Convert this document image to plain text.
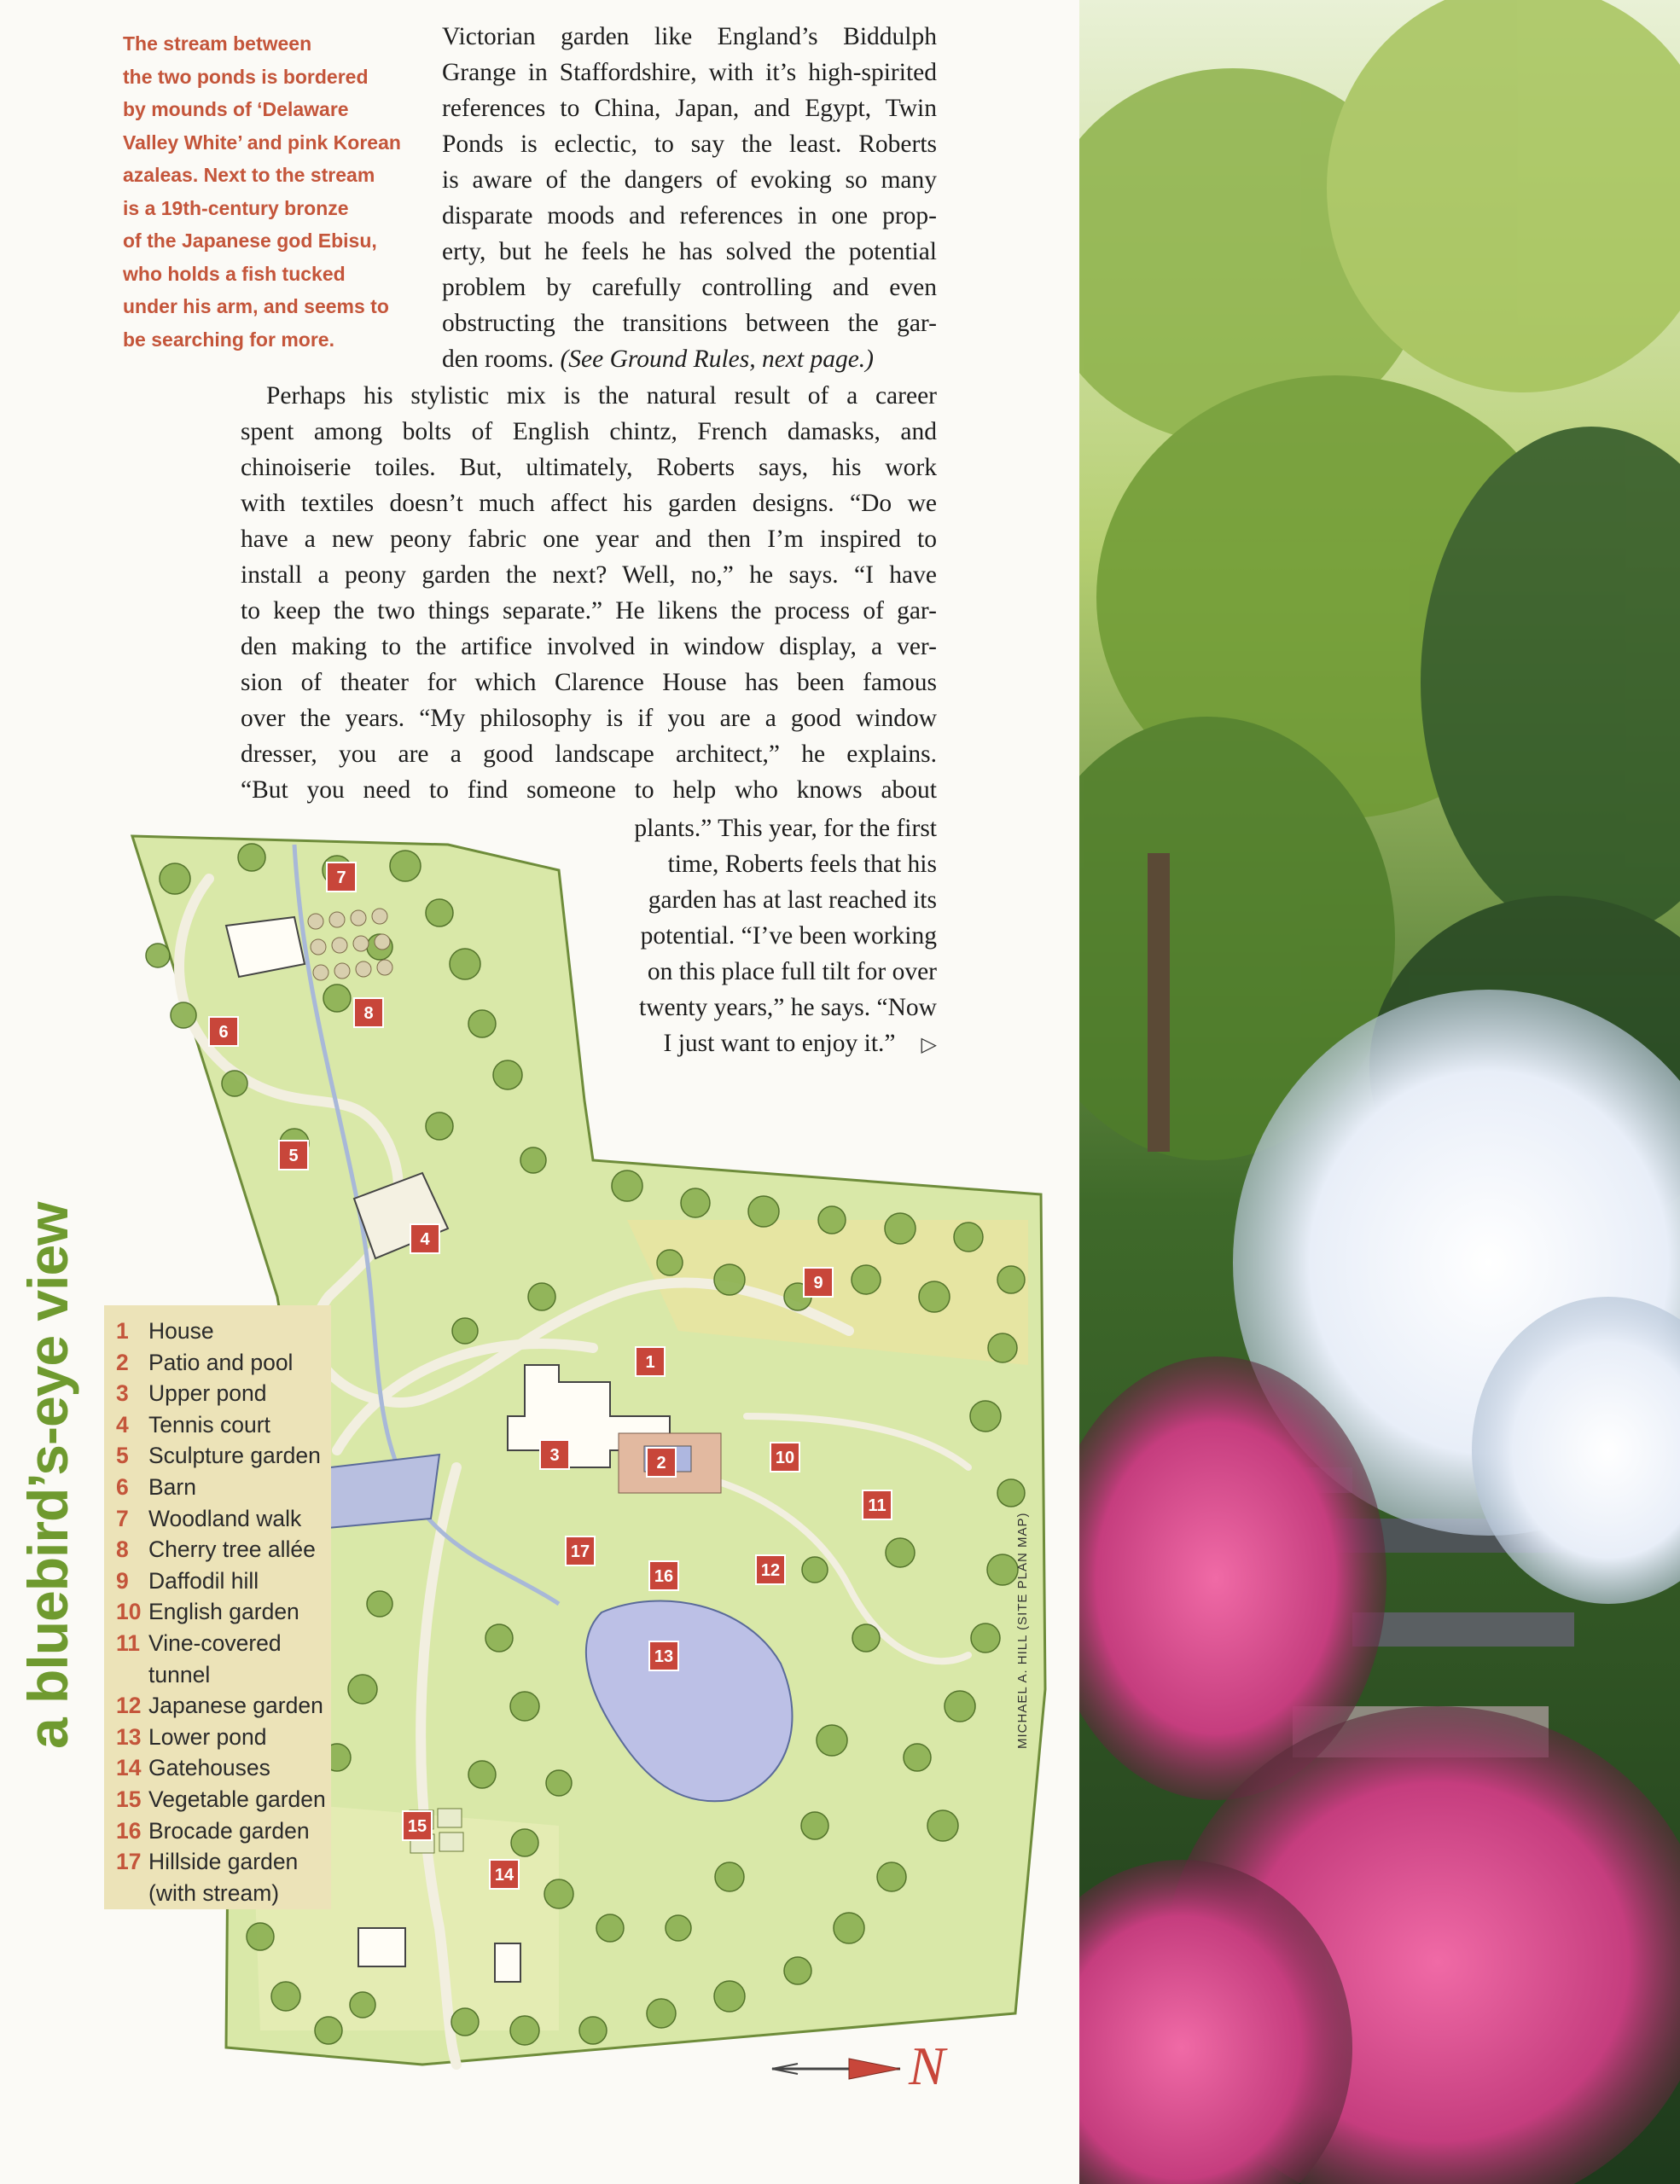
The stream between
the two ponds is bordered
by mounds of ‘Delaware
Valley White’ and pink Korean
azaleas. Next to the stream
is a 19th-century bronze
of the Japanese god Ebisu,
who holds a fish tucked
under his arm, and seems to
be searching for more.
Victorian garden like England’s Biddulph
Grange in Staffordshire, with it’s high-spirited
references to China, Japan, and Egypt, Twin
Ponds is eclectic, to say the least. Roberts
is aware of the dangers of evoking so many
disparate moods and references in one prop-
erty, but he feels he has solved the potential
problem by carefully controlling and even
obstructing the transitions between the gar-
den rooms. (See Ground Rules, next page.)
Perhaps his stylistic mix is the natural result of a career
spent among bolts of English chintz, French damasks, and
chinoiserie toiles. But, ultimately, Roberts says, his work
with textiles doesn’t much affect his garden designs. “Do we
have a new peony fabric one year and then I’m inspired to
install a peony garden the next? Well, no,” he says. “I have
to keep the two things separate.” He likens the process of gar-
den making to the artifice involved in window display, a ver-
sion of theater for which Clarence House has been famous
over the years. “My philosophy is if you are a good window
dresser, you are a good landscape architect,” he explains.
“But you need to find someone to help who knows about
plants.” This year, for the first
time, Roberts feels that his
garden has at last reached its
potential. “I’ve been working
on this place full tilt for over
twenty years,” he says. “Now
I just want to enjoy it.” ▷
7
8
6
5
4
9
1
3	2	10
11
17
16	12
13
15
14
N
a bluebird’s-eye view	1 House
2 Patio and pool
3 Upper pond
4 Tennis court
5 Sculpture garden
6 Barn
7 Woodland walk
8 Cherry tree allée
9 Daffodil hill
10 English garden
11 Vine-covered
tunnel
12 Japanese garden
13 Lower pond
14 Gatehouses
15 Vegetable garden
16 Brocade garden
17 Hillside garden
(with stream)
MICHAEL A. HILL (SITE PLAN MAP)
